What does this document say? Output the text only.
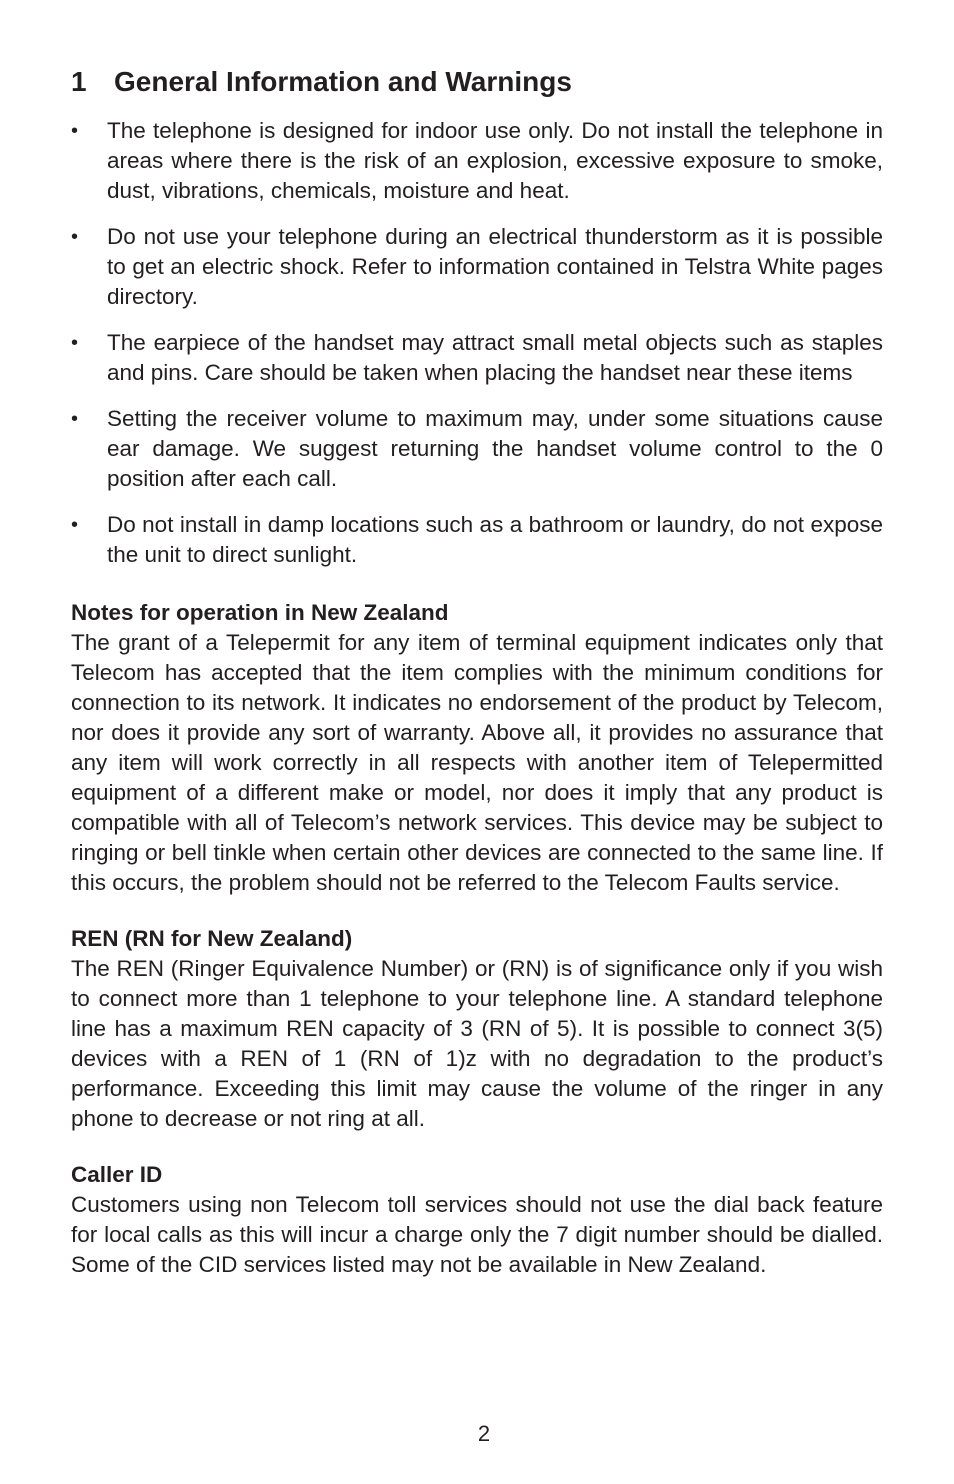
1 General Information and Warnings
•	The telephone is designed for indoor use only. Do not install the telephone in areas where there is the risk of an explosion, excessive exposure to smoke, dust, vibrations, chemicals, moisture and heat.
•	Do not use your telephone during an electrical thunderstorm as it is possible to get an electric shock. Refer to information contained in Telstra White pages directory.
•	The earpiece of the handset may attract small metal objects such as staples and pins. Care should be taken when placing the handset near these items
•	Setting the receiver volume to maximum may, under some situations cause ear damage. We suggest returning the handset volume control to the 0 position after each call.
•	Do not install in damp locations such as a bathroom or laundry, do not expose the unit to direct sunlight.
Notes for operation in New Zealand
The grant of a Telepermit for any item of terminal equipment indicates only that Telecom has accepted that the item complies with the minimum conditions for connection to its network. It indicates no endorsement of the product by Telecom, nor does it provide any sort of warranty. Above all, it provides no assurance that any item will work correctly in all respects with another item of Telepermitted equipment of a different make or model, nor does it imply that any product is compatible with all of Telecom’s network services. This device may be subject to ringing or bell tinkle when certain other devices are connected to the same line. If this occurs, the problem should not be referred to the Telecom Faults service.
REN (RN for New Zealand)
The REN (Ringer Equivalence Number) or (RN) is of significance only if you wish to connect more than 1 telephone to your telephone line. A standard telephone line has a maximum REN capacity of 3 (RN of 5). It is possible to connect 3(5) devices with a REN of 1 (RN of 1)z with no degradation to the product’s performance. Exceeding this limit may cause the volume of the ringer in any phone to decrease or not ring at all.
Caller ID
Customers using non Telecom toll services should not use the dial back feature for local calls as this will incur a charge only the 7 digit number should be dialled. Some of the CID services listed may not be available in New Zealand.
2
